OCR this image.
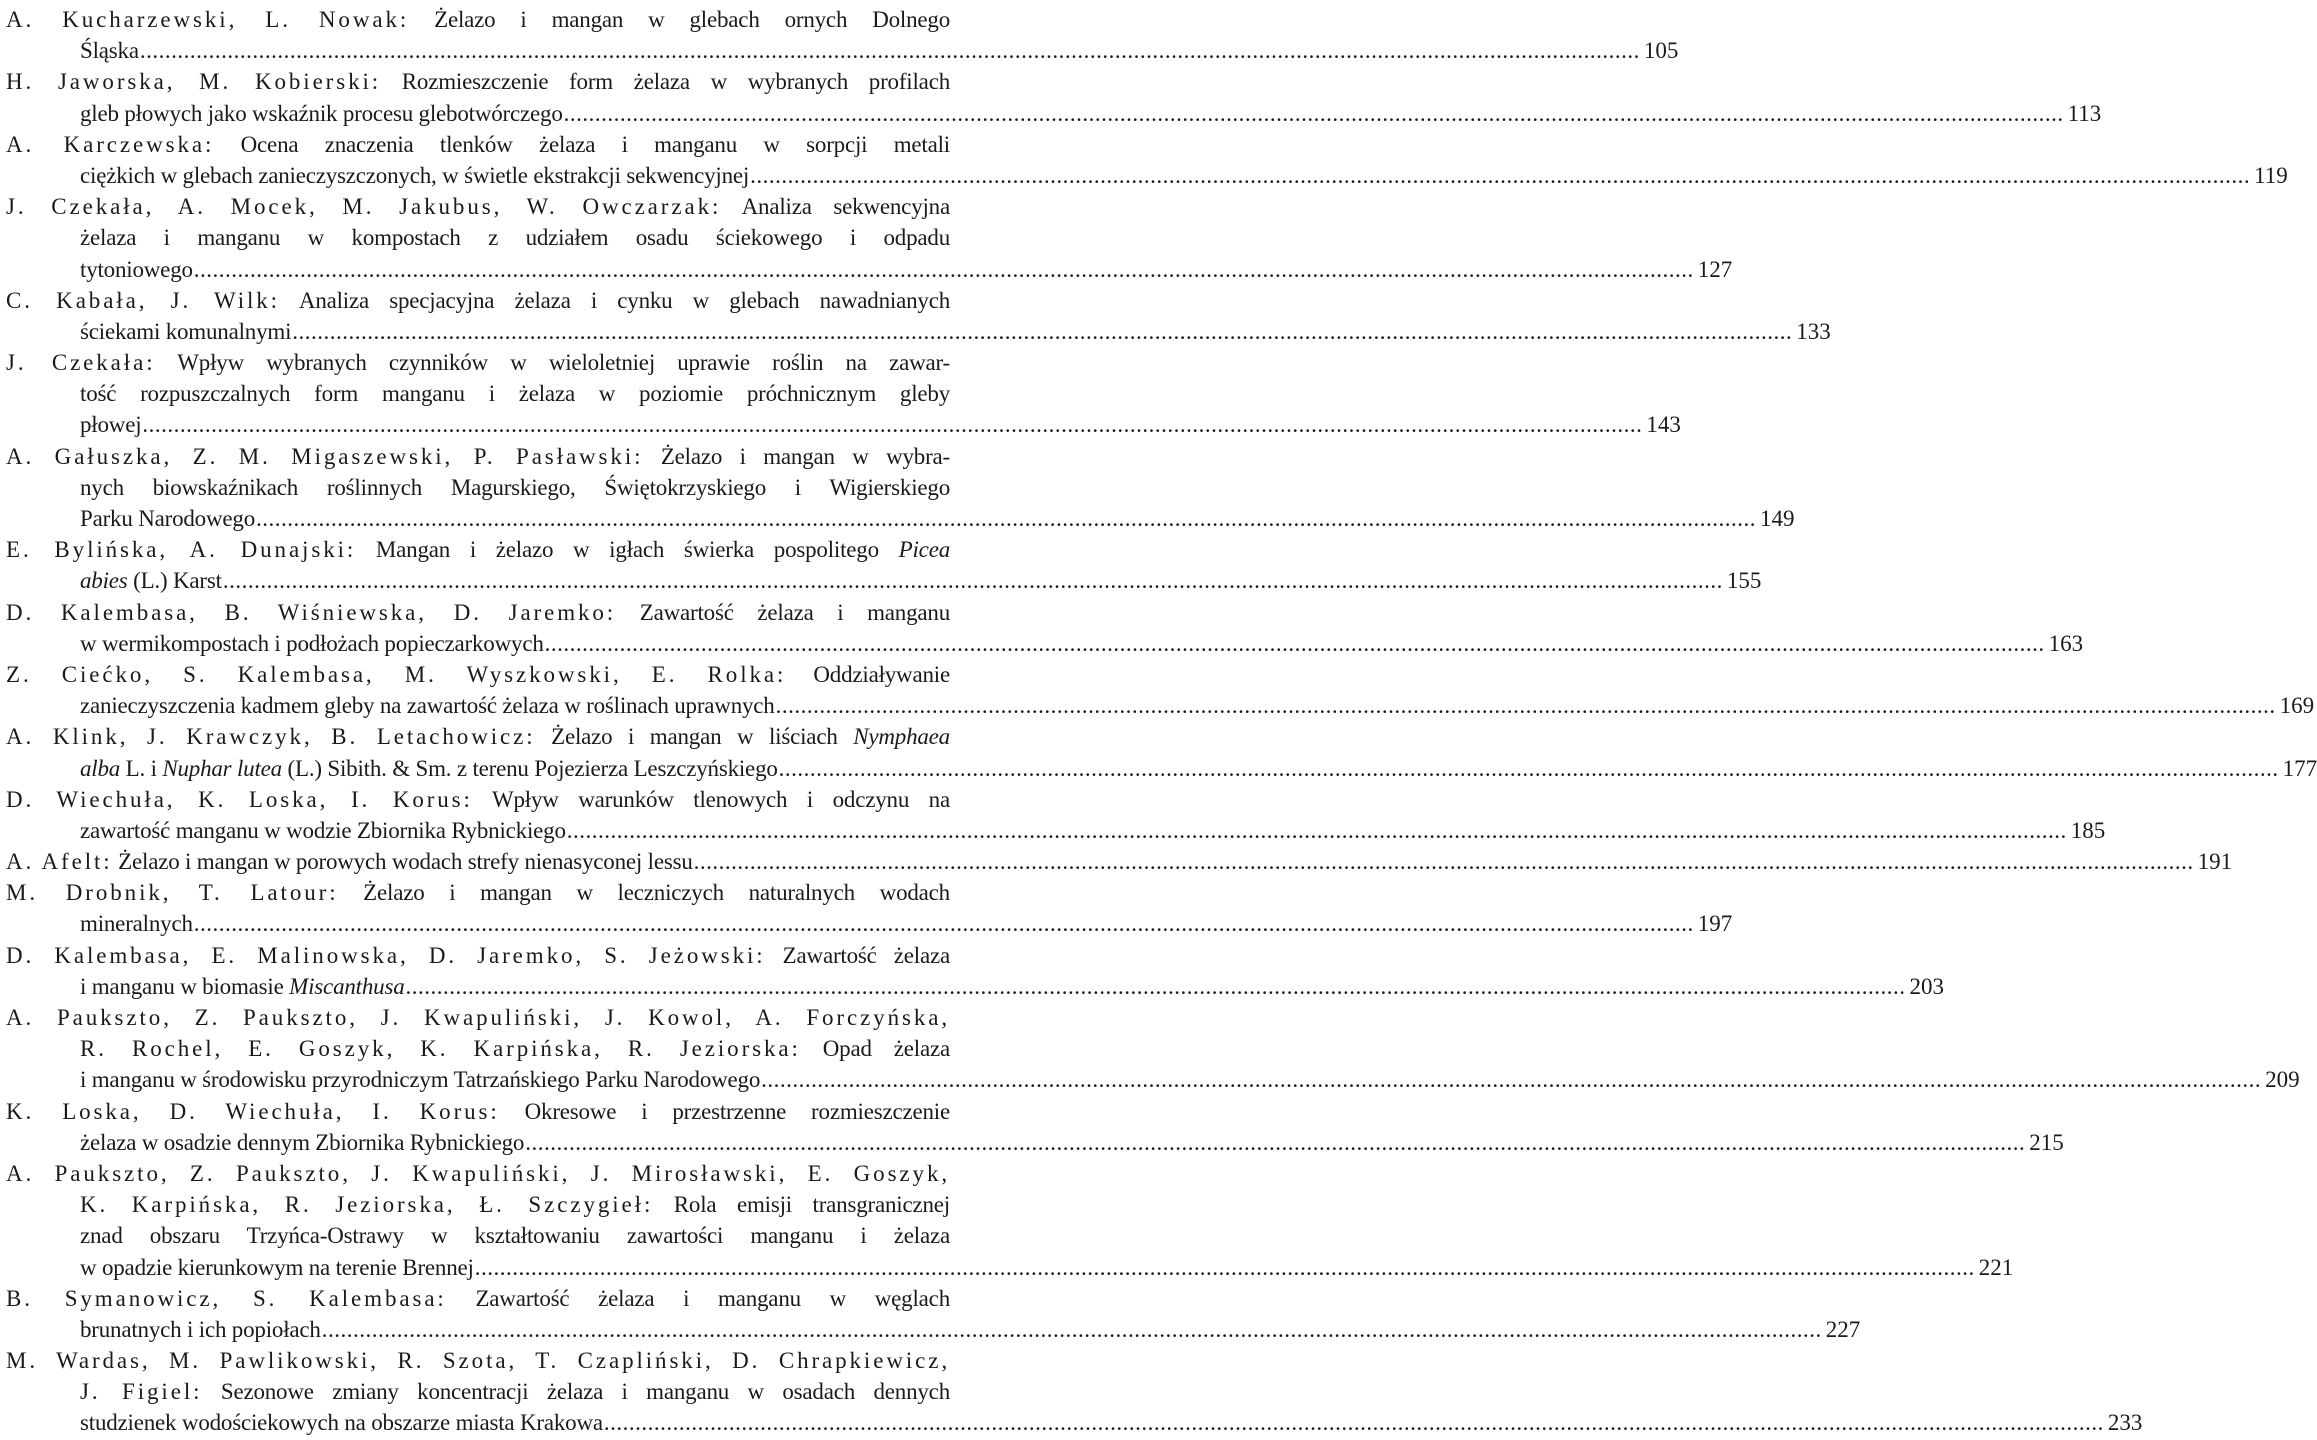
A. Kucharzewski, L. Nowak: Żelazo i mangan w glebach ornych Dolnego
Śląska ................................................................................................................................................................................................................................................ 105
H. Jaworska, M. Kobierski: Rozmieszczenie form żelaza w wybranych profilach
gleb płowych jako wskaźnik procesu glebotwórczego ................................................................................................................................................................................................................................................ 113
A. Karczewska: Ocena znaczenia tlenków żelaza i manganu w sorpcji metali
ciężkich w glebach zanieczyszczonych, w świetle ekstrakcji sekwencyjnej ................................................................................................................................................................................................................................................ 119
J. Czekała, A. Mocek, M. Jakubus, W. Owczarzak: Analiza sekwencyjna
żelaza i manganu w kompostach z udziałem osadu ściekowego i odpadu
tytoniowego ................................................................................................................................................................................................................................................ 127
C. Kabała, J. Wilk: Analiza specjacyjna żelaza i cynku w glebach nawadnianych
ściekami komunalnymi ................................................................................................................................................................................................................................................ 133
J. Czekała: Wpływ wybranych czynników w wieloletniej uprawie roślin na zawar-
tość rozpuszczalnych form manganu i żelaza w poziomie próchnicznym gleby
płowej ................................................................................................................................................................................................................................................ 143
A. Gałuszka, Z. M. Migaszewski, P. Pasławski: Żelazo i mangan w wybra-
nych biowskaźnikach roślinnych Magurskiego, Świętokrzyskiego i Wigierskiego
Parku Narodowego ................................................................................................................................................................................................................................................ 149
E. Bylińska, A. Dunajski: Mangan i żelazo w igłach świerka pospolitego Picea
abies (L.) Karst ................................................................................................................................................................................................................................................ 155
D. Kalembasa, B. Wiśniewska, D. Jaremko: Zawartość żelaza i manganu
w wermikompostach i podłożach popieczarkowych ................................................................................................................................................................................................................................................ 163
Z. Ciećko, S. Kalembasa, M. Wyszkowski, E. Rolka: Oddziaływanie
zanieczyszczenia kadmem gleby na zawartość żelaza w roślinach uprawnych ................................................................................................................................................................................................................................................ 169
A. Klink, J. Krawczyk, B. Letachowicz: Żelazo i mangan w liściach Nymphaea
alba L. i Nuphar lutea (L.) Sibith. & Sm. z terenu Pojezierza Leszczyńskiego ................................................................................................................................................................................................................................................ 177
D. Wiechuła, K. Loska, I. Korus: Wpływ warunków tlenowych i odczynu na
zawartość manganu w wodzie Zbiornika Rybnickiego ................................................................................................................................................................................................................................................ 185
A. Afelt: Żelazo i mangan w porowych wodach strefy nienasyconej lessu ................................................................................................................................................................................................................................................ 191
M. Drobnik, T. Latour: Żelazo i mangan w leczniczych naturalnych wodach
mineralnych ................................................................................................................................................................................................................................................ 197
D. Kalembasa, E. Malinowska, D. Jaremko, S. Jeżowski: Zawartość żelaza
i manganu w biomasie Miscanthusa ................................................................................................................................................................................................................................................ 203
A. Paukszto, Z. Paukszto, J. Kwapuliński, J. Kowol, A. Forczyńska,
R. Rochel, E. Goszyk, K. Karpińska, R. Jeziorska: Opad żelaza
i manganu w środowisku przyrodniczym Tatrzańskiego Parku Narodowego ................................................................................................................................................................................................................................................ 209
K. Loska, D. Wiechuła, I. Korus: Okresowe i przestrzenne rozmieszczenie
żelaza w osadzie dennym Zbiornika Rybnickiego ................................................................................................................................................................................................................................................ 215
A. Paukszto, Z. Paukszto, J. Kwapuliński, J. Mirosławski, E. Goszyk,
K. Karpińska, R. Jeziorska, Ł. Szczygieł: Rola emisji transgranicznej
znad obszaru Trzyńca-Ostrawy w kształtowaniu zawartości manganu i żelaza
w opadzie kierunkowym na terenie Brennej ................................................................................................................................................................................................................................................ 221
B. Symanowicz, S. Kalembasa: Zawartość żelaza i manganu w węglach
brunatnych i ich popiołach ................................................................................................................................................................................................................................................ 227
M. Wardas, M. Pawlikowski, R. Szota, T. Czapliński, D. Chrapkiewicz,
J. Figiel: Sezonowe zmiany koncentracji żelaza i manganu w osadach dennych
studzienek wodościekowych na obszarze miasta Krakowa ................................................................................................................................................................................................................................................ 233
